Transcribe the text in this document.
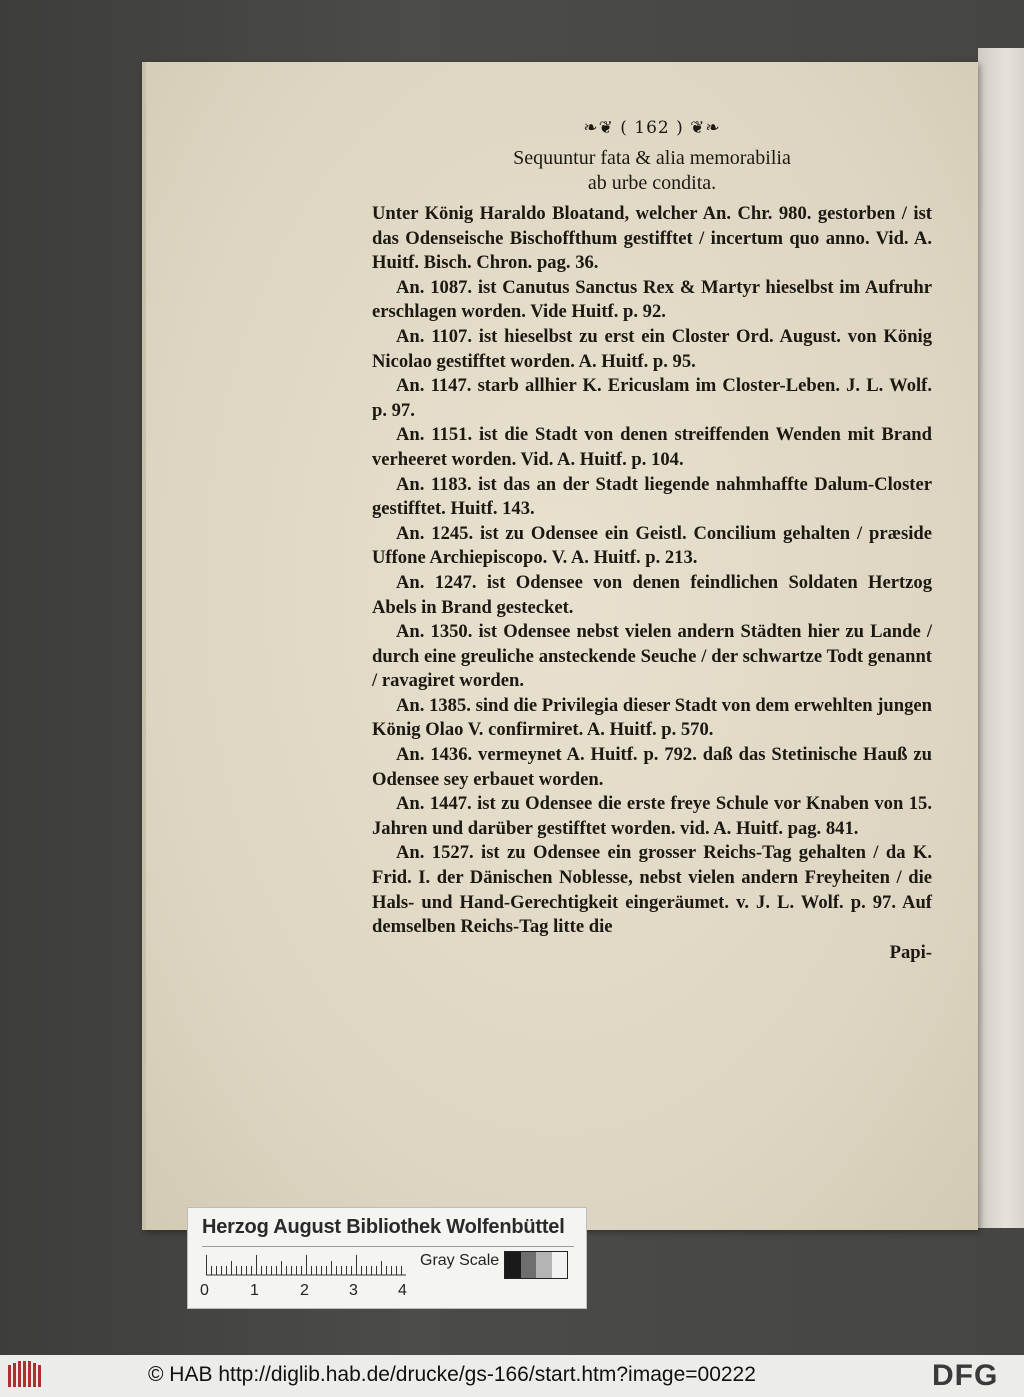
❧❦ ( 162 ) ❦❧
Sequuntur fata & alia memorabilia
ab urbe condita.
Unter König Haraldo Bloatand, welcher An. Chr. 980. gestorben / ist das Odenseische Bischoffthum gestifftet / incertum quo anno. Vid. A. Huitf. Bisch. Chron. pag. 36.
An. 1087. ist Canutus Sanctus Rex & Martyr hieselbst im Aufruhr erschlagen worden. Vide Huitf. p. 92.
An. 1107. ist hieselbst zu erst ein Closter Ord. August. von König Nicolao gestifftet worden. A. Huitf. p. 95.
An. 1147. starb allhier K. Ericuslam im Closter-Leben. J. L. Wolf. p. 97.
An. 1151. ist die Stadt von denen streiffenden Wenden mit Brand verheeret worden. Vid. A. Huitf. p. 104.
An. 1183. ist das an der Stadt liegende nahmhaffte Dalum-Closter gestifftet. Huitf. 143.
An. 1245. ist zu Odensee ein Geistl. Concilium gehalten / præside Uffone Archiepiscopo. V. A. Huitf. p. 213.
An. 1247. ist Odensee von denen feindlichen Soldaten Hertzog Abels in Brand gestecket.
An. 1350. ist Odensee nebst vielen andern Städten hier zu Lande / durch eine greuliche ansteckende Seuche / der schwartze Todt genannt / ravagiret worden.
An. 1385. sind die Privilegia dieser Stadt von dem erwehlten jungen König Olao V. confirmiret. A. Huitf. p. 570.
An. 1436. vermeynet A. Huitf. p. 792. daß das Stetinische Hauß zu Odensee sey erbauet worden.
An. 1447. ist zu Odensee die erste freye Schule vor Knaben von 15. Jahren und darüber gestifftet worden. vid. A. Huitf. pag. 841.
An. 1527. ist zu Odensee ein grosser Reichs-Tag gehalten / da K. Frid. I. der Dänischen Noblesse, nebst vielen andern Freyheiten / die Hals- und Hand-Gerechtigkeit eingeräumet. v. J. L. Wolf. p. 97. Auf demselben Reichs-Tag litte die
Papi-
Herzog August Bibliothek Wolfenbüttel
0	1	2	3	4
Gray Scale
© HAB http://diglib.hab.de/drucke/gs-166/start.htm?image=00222	DFG
